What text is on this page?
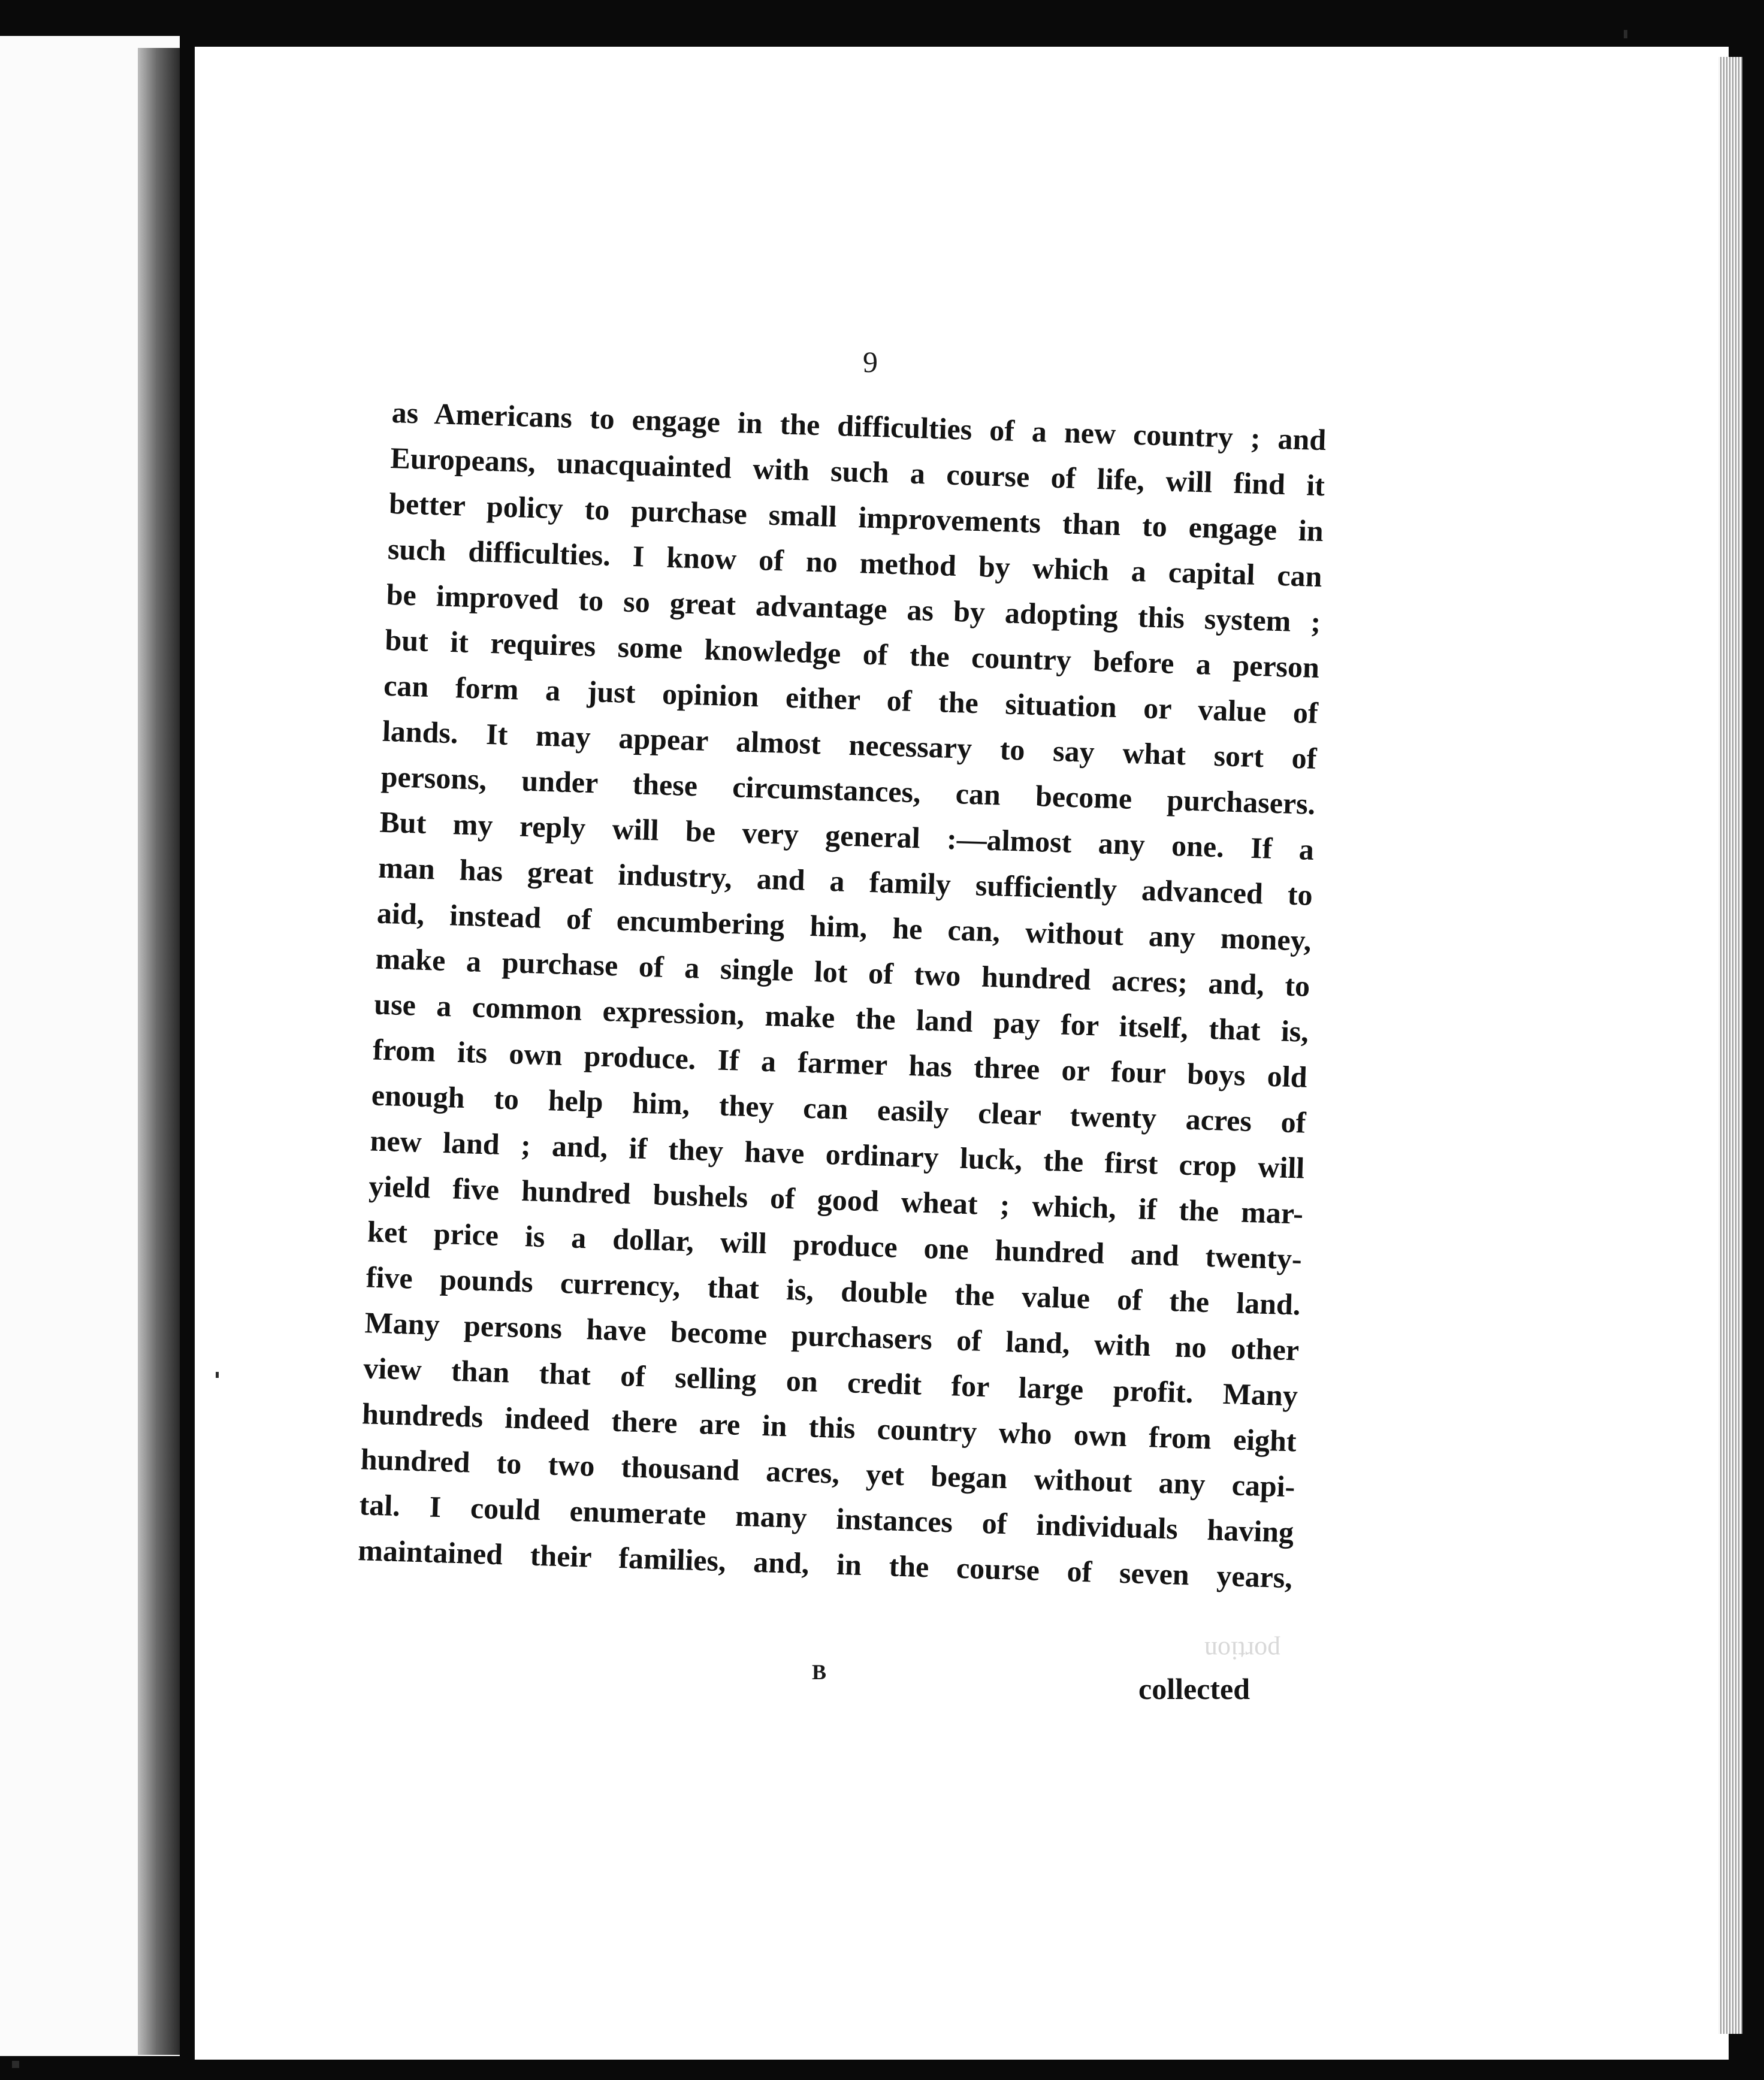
9
as Americans to engage in the difficulties of a new country ; and
Europeans, unacquainted with such a course of life, will find it
better policy to purchase small improvements than to engage in
such difficulties. I know of no method by which a capital can
be improved to so great advantage as by adopting this system ;
but it requires some knowledge of the country before a person
can form a just opinion either of the situation or value of
lands. It may appear almost necessary to say what sort of
persons, under these circumstances, can become purchasers.
But my reply will be very general :—almost any one. If a
man has great industry, and a family sufficiently advanced to
aid, instead of encumbering him, he can, without any money,
make a purchase of a single lot of two hundred acres; and, to
use a common expression, make the land pay for itself, that is,
from its own produce. If a farmer has three or four boys old
enough to help him, they can easily clear twenty acres of
new land ; and, if they have ordinary luck, the first crop will
yield five hundred bushels of good wheat ; which, if the mar-
ket price is a dollar, will produce one hundred and twenty-
five pounds currency, that is, double the value of the land.
Many persons have become purchasers of land, with no other
view than that of selling on credit for large profit. Many
hundreds indeed there are in this country who own from eight
hundred to two thousand acres, yet began without any capi-
tal. I could enumerate many instances of individuals having
maintained their families, and, in the course of seven years,
portion
B	collected
